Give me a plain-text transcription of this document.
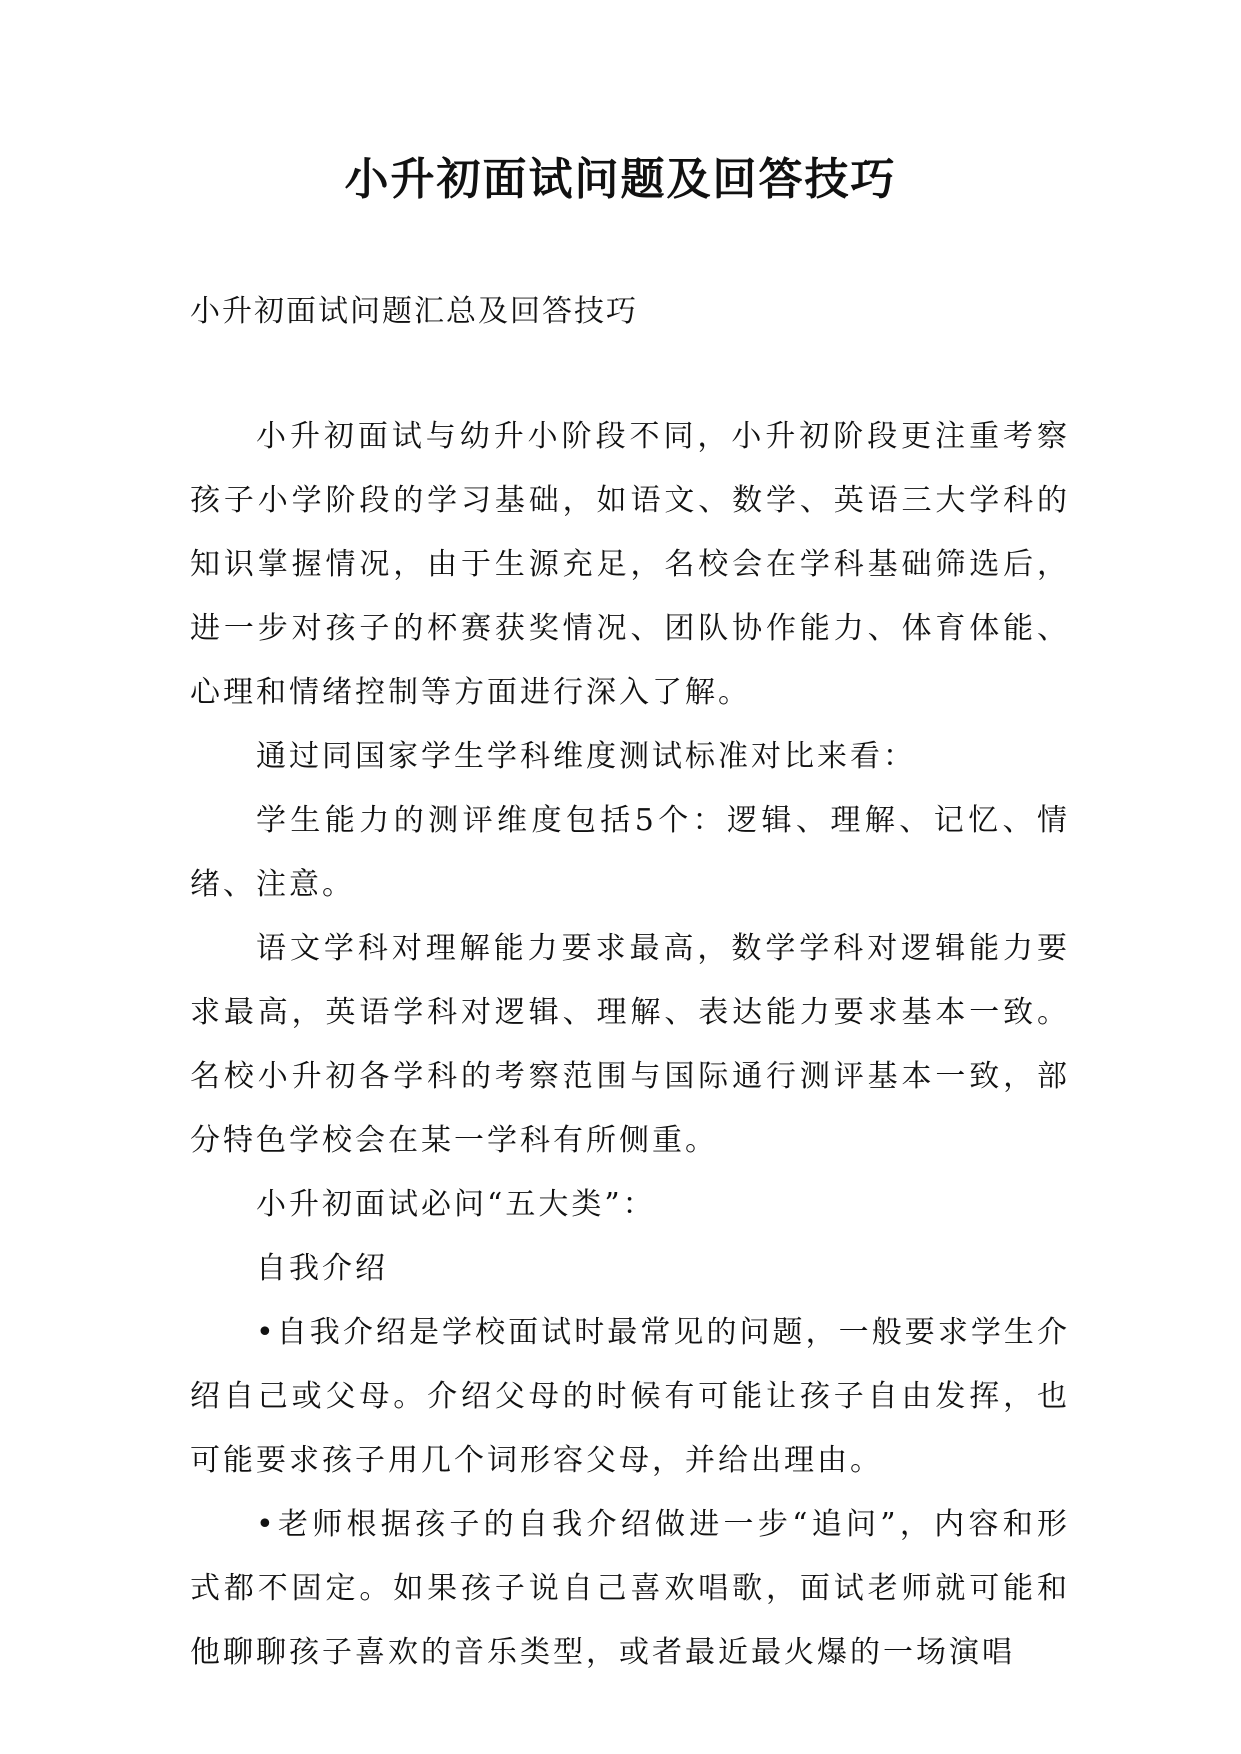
小升初面试问题及回答技巧

小升初面试问题汇总及回答技巧

小升初面试与幼升小阶段不同，小升初阶段更注重考察孩子小学阶段的学习基础，如语文、数学、英语三大学科的知识掌握情况，由于生源充足，名校会在学科基础筛选后，进一步对孩子的杯赛获奖情况、团队协作能力、体育体能、心理和情绪控制等方面进行深入了解。

通过同国家学生学科维度测试标准对比来看：

学生能力的测评维度包括5个：逻辑、理解、记忆、情绪、注意。

语文学科对理解能力要求最高，数学学科对逻辑能力要求最高，英语学科对逻辑、理解、表达能力要求基本一致。名校小升初各学科的考察范围与国际通行测评基本一致，部分特色学校会在某一学科有所侧重。

小升初面试必问“五大类”：

自我介绍

•自我介绍是学校面试时最常见的问题，一般要求学生介绍自己或父母。介绍父母的时候有可能让孩子自由发挥，也可能要求孩子用几个词形容父母，并给出理由。

•老师根据孩子的自我介绍做进一步“追问”，内容和形式都不固定。如果孩子说自己喜欢唱歌，面试老师就可能和他聊聊孩子喜欢的音乐类型，或者最近最火爆的一场演唱
